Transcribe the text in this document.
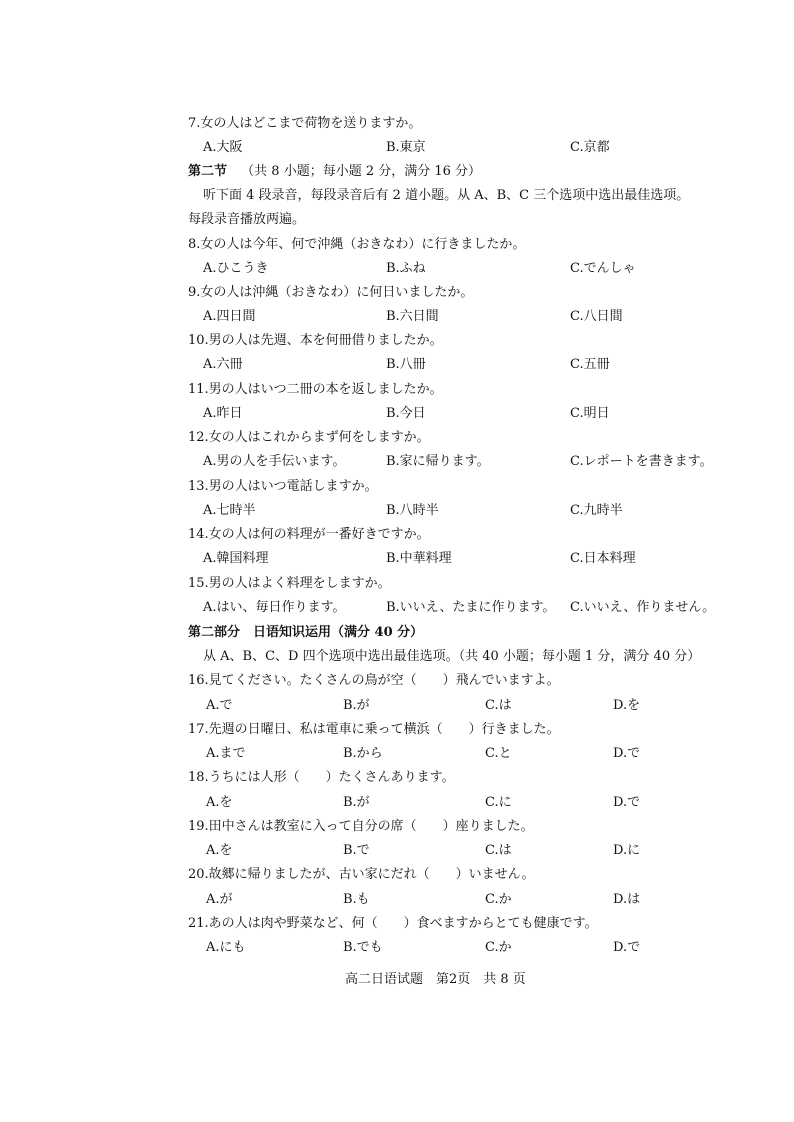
7.女の人はどこまで荷物を送りますか。
A.大阪	B.東京	C.京都
第二节 （共 8 小题；每小题 2 分，满分 16 分）
听下面 4 段录音，每段录音后有 2 道小题。从 A、B、C 三个选项中选出最佳选项。
每段录音播放两遍。
8.女の人は今年、何で沖縄（おきなわ）に行きましたか。
A.ひこうき	B.ふね	C.でんしゃ
9.女の人は沖縄（おきなわ）に何日いましたか。
A.四日間	B.六日間	C.八日間
10.男の人は先週、本を何冊借りましたか。
A.六冊	B.八冊	C.五冊
11.男の人はいつ二冊の本を返しましたか。
A.昨日	B.今日	C.明日
12.女の人はこれからまず何をしますか。
A.男の人を手伝います。	B.家に帰ります。	C.レポートを書きます。
13.男の人はいつ電話しますか。
A.七時半	B.八時半	C.九時半
14.女の人は何の料理が一番好きですか。
A.韓国料理	B.中華料理	C.日本料理
15.男の人はよく料理をしますか。
A.はい、毎日作ります。	B.いいえ、たまに作ります。 C.いいえ、作りません。
第二部分　日语知识运用（满分 40 分）
从 A、B、C、D 四个选项中选出最佳选项。（共 40 小题；每小题 1 分，满分 40 分）
16.見てください。たくさんの鳥が空（　　）飛んでいますよ。
A.で	B.が	C.は	D.を
17.先週の日曜日、私は電車に乗って横浜（　　）行きました。
A.まで	B.から	C.と	D.で
18.うちには人形（　　）たくさんあります。
A.を	B.が	C.に	D.で
19.田中さんは教室に入って自分の席（　　）座りました。
A.を	B.で	C.は	D.に
20.故郷に帰りましたが、古い家にだれ（　　）いません。
A.が	B.も	C.か	D.は
21.あの人は肉や野菜など、何（　　）食べますからとても健康です。
A.にも	B.でも	C.か	D.で
高二日语试题　第2页　共 8 页
